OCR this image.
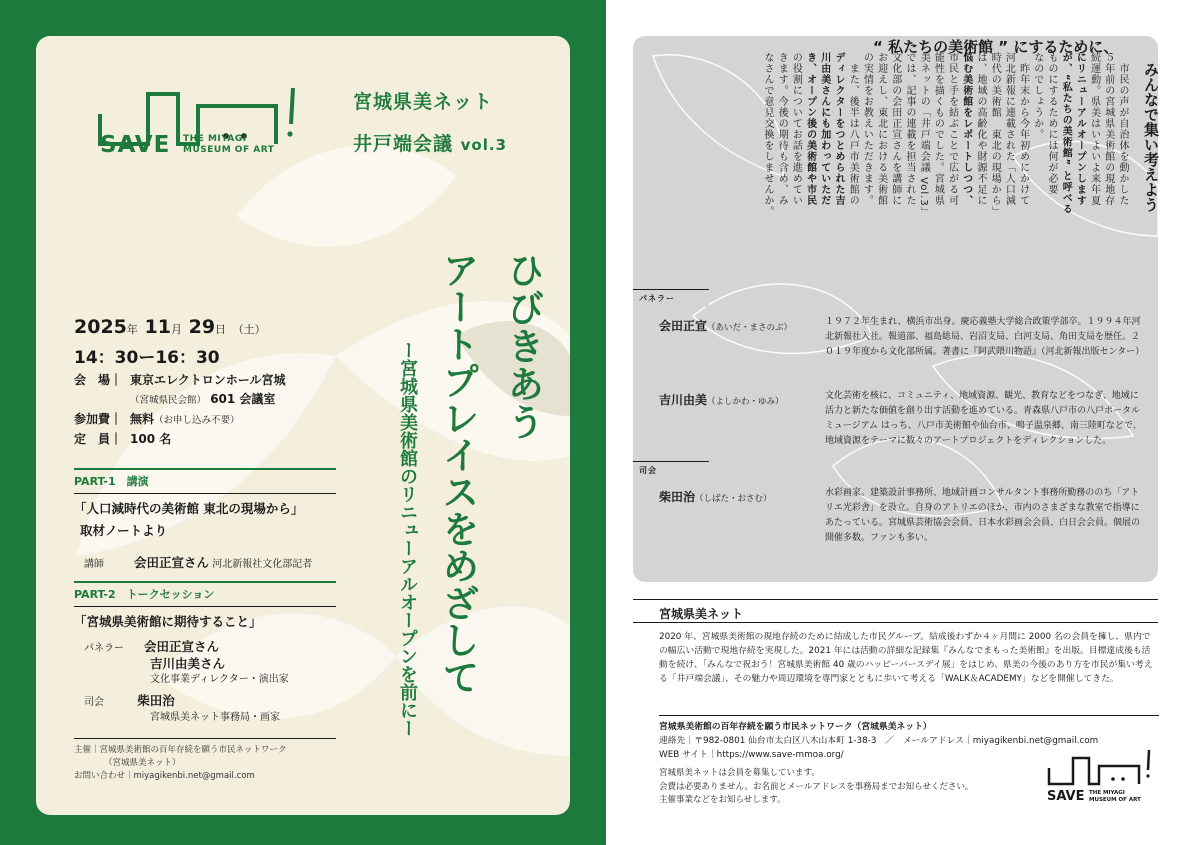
SAVE THE MIYAGI
MUSEUM OF ART
宮城県美ネット
井戸端会議 vol.3
ひびきあう
アートプレイスをめざして
ー宮城県美術館のリニューアルオープンを前にー
2025年 11月 29日 （土）
14：30ー16：30
会　場｜ 東京エレクトロンホール宮城
（宮城県民会館） 601 会議室
参加費｜ 無料（お申し込み不要）
定　員｜ 100 名
PART-1　講演
「人口減時代の美術館 東北の現場から」
取材ノートより
講師　　　 会田正宣さん 河北新報社文化部記者
PART-2　トークセッション
「宮城県美術館に期待すること」
パネラー　　 会田正宣さん
吉川由美さん
文化事業ディレクター・演出家
司会　　　	柴田治
宮城県美ネット事務局・画家
主催｜宮城県美術館の百年存続を願う市民ネットワーク
（宮城県美ネット）
お問い合わせ｜miyagikenbi.net@gmail.com
“ 私たちの美術館 ” にするために、
みんなで集い考えよう
　市民の声が自治体を動かした
５年前の宮城県美術館の現地存
続運動。県美はいよいよ来年夏
にリニューアルオープンします
が、“私たちの美術館” と呼べる
ものにするためには何が必要
なのでしょうか。
　昨年末から今年初めにかけて
河北新報に連載された「人口減
時代の美術館　東北の現場から」
は、地域の高齢化や財源不足に
悩む美術館をレポートしつつ、
市民と手を結ぶことで広がる可
能性を描くものでした。宮城県
美ネットの「井戸端会議 Vol.3」
では、記事の連載を担当された
文化部の会田正宣さんを講師に
お迎えし、東北における美術館
の実情をお教えいただきます。
　また、後半は八戸市美術館の
ディレクターをつとめられた吉
川由美さんにも加わっていただ
き、オープン後の美術館や市民
の役割についてお話を進めてい
きます。今後の期待も含め、み
なさんで意見交換をしませんか。
パネラー
会田正宣（あいだ・まさのぶ）
１９７２年生まれ、横浜市出身。慶応義塾大学総合政策学部卒。１９９４年河北新報社入社。報道部、福島総局、岩沼支局、白河支局、角田支局を歴任。２０１９年度から文化部所属。著書に『阿武隈川物語』（河北新報出版センター）
吉川由美（よしかわ・ゆみ）
文化芸術を核に、コミュニティ、地域資源、観光、教育などをつなぎ、地域に活力と新たな価値を創り出す活動を進めている。青森県八戸市の八戸ポータルミュージアム はっち、八戸市美術館や仙台市、鳴子温泉郷、南三陸町などで、地域資源をテーマに数々のアートプロジェクトをディレクションした。
司会
柴田治（しばた・おさむ）
水彩画家。建築設計事務所、地域計画コンサルタント事務所勤務ののち「アトリエ光彩舎」を設立。自身のアトリエのほか、市内のさまざまな教室で指導にあたっている。宮城県芸術協会会員、日本水彩画会会員、白日会会員。個展の開催多数。ファンも多い。
宮城県美ネット
2020 年、宮城県美術館の現地存続のために結成した市民グループ。結成後わずか４ヶ月間に 2000 名の会員を擁し、県内での幅広い活動で現地存続を実現した。2021 年には活動の詳細な記録集『みんなでまもった美術館』を出版。目標達成後も活動を続け、「みんなで祝おう！宮城県美術館 40 歳のハッピーバースデイ展」をはじめ、県美の今後のあり方を市民が集い考える「井戸端会議」、その魅力や周辺環境を専門家とともに歩いて考える「WALK＆ACADEMY」などを開催してきた。
宮城県美術館の百年存続を願う市民ネットワーク（宮城県美ネット）
連絡先｜〒982-0801 仙台市太白区八木山本町 1-38-3　／　メールアドレス｜miyagikenbi.net@gmail.com
WEB サイト｜https://www.save-mmoa.org/
宮城県美ネットは会員を募集しています。
会費は必要ありません。お名前とメールアドレスを事務局までお知らせください。
主催事業などをお知らせします。	SAVE THE MIYAGI
MUSEUM OF ART
